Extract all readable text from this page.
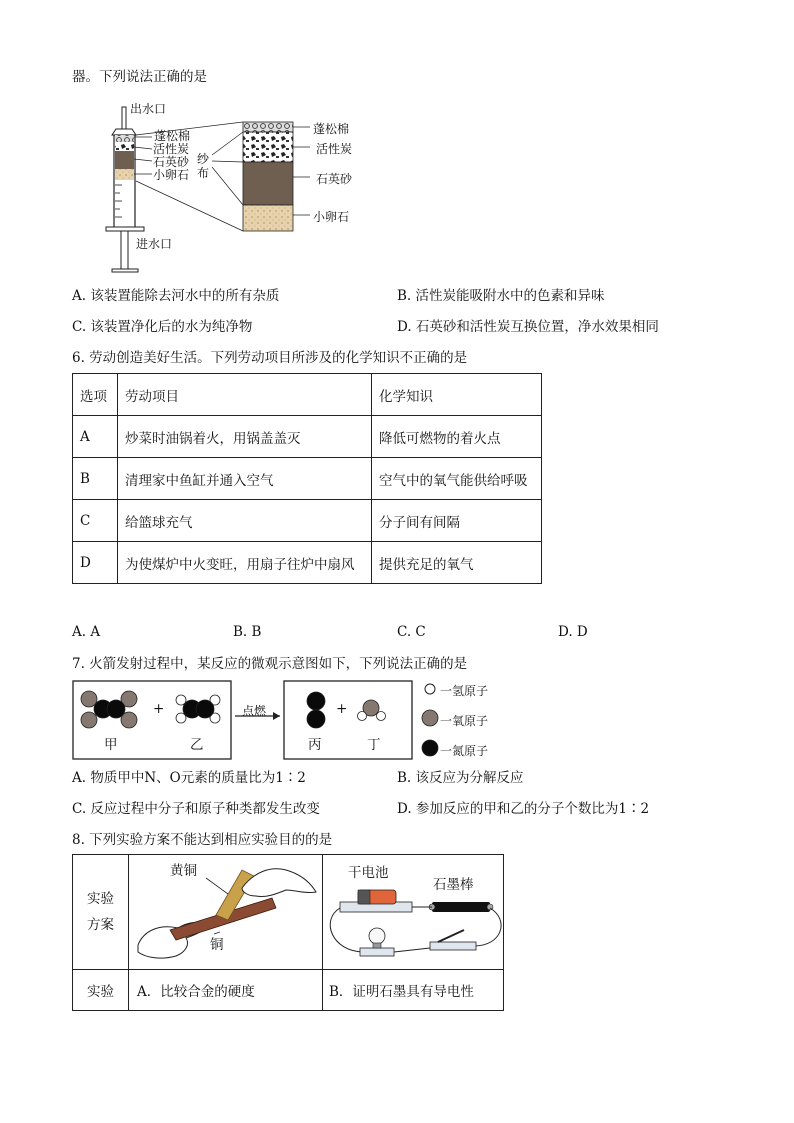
器。下列说法正确的是
出水口
蓬松棉
活性炭
石英砂
小卵石
纱布
蓬松棉
活性炭
石英砂
小卵石
进水口
A. 该装置能除去河水中的所有杂质	B. 活性炭能吸附水中的色素和异味
C. 该装置净化后的水为纯净物	D. 石英砂和活性炭互换位置，净水效果相同
6. 劳动创造美好生活。下列劳动项目所涉及的化学知识不正确的是
选项	劳动项目	化学知识
A	炒菜时油锅着火，用锅盖盖灭	降低可燃物的着火点
B	清理家中鱼缸并通入空气	空气中的氧气能供给呼吸
C	给篮球充气	分子间有间隔
D	为使煤炉中火变旺，用扇子往炉中扇风	提供充足的氧气
A. A	B. B	C. C	D. D
7. 火箭发射过程中，某反应的微观示意图如下，下列说法正确的是
+	点燃	+
甲	乙	丙	丁
一氢原子
一氧原子
一氮原子
A. 物质甲中N、O元素的质量比为1∶2	B. 该反应为分解反应
C. 反应过程中分子和原子种类都发生改变	D. 参加反应的甲和乙的分子个数比为1∶2
8. 下列实验方案不能达到相应实验目的的是
实验
方案		

实验	A．比较合金的硬度	B．证明石墨具有导电性
黄铜
铜
干电池
石墨棒
